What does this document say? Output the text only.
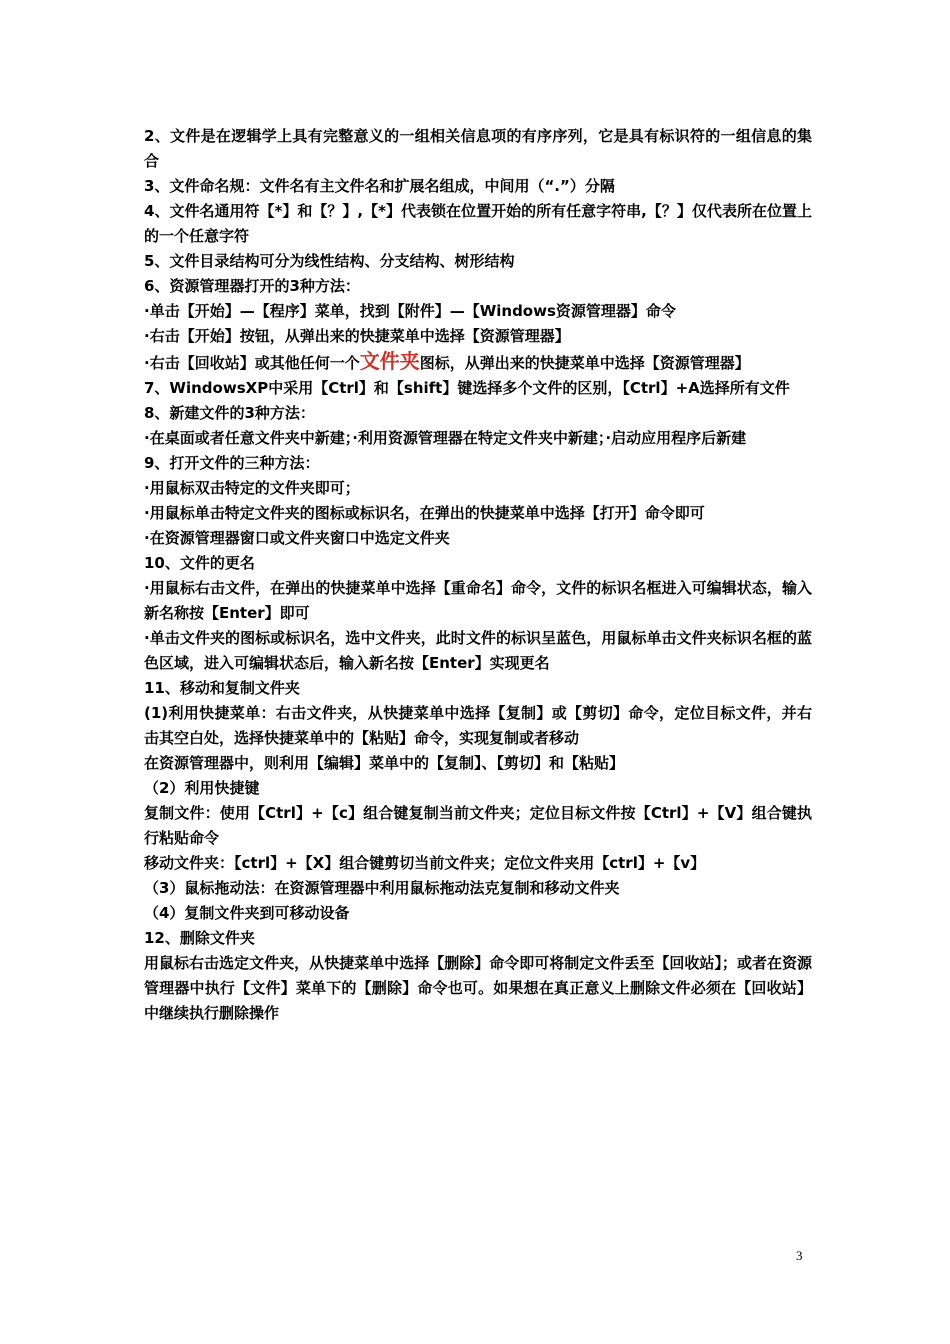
2、文件是在逻辑学上具有完整意义的一组相关信息项的有序序列，它是具有标识符的一组信息的集合

3、文件命名规：文件名有主文件名和扩展名组成，中间用（“.”）分隔

4、文件名通用符【*】和【？】,【*】代表锁在位置开始的所有任意字符串,【？】仅代表所在位置上的一个任意字符

5、文件目录结构可分为线性结构、分支结构、树形结构

6、资源管理器打开的3种方法：

·单击【开始】—【程序】菜单，找到【附件】—【Windows资源管理器】命令

·右击【开始】按钮，从弹出来的快捷菜单中选择【资源管理器】

·右击【回收站】或其他任何一个文件夹图标，从弹出来的快捷菜单中选择【资源管理器】

7、WindowsXP中采用【Ctrl】和【shift】键选择多个文件的区别，【Ctrl】+A选择所有文件

8、新建文件的3种方法：

·在桌面或者任意文件夹中新建；·利用资源管理器在特定文件夹中新建；·启动应用程序后新建

9、打开文件的三种方法：

·用鼠标双击特定的文件夹即可；

·用鼠标单击特定文件夹的图标或标识名，在弹出的快捷菜单中选择【打开】命令即可

·在资源管理器窗口或文件夹窗口中选定文件夹

10、文件的更名

·用鼠标右击文件，在弹出的快捷菜单中选择【重命名】命令，文件的标识名框进入可编辑状态，输入新名称按【Enter】即可

·单击文件夹的图标或标识名，选中文件夹，此时文件的标识呈蓝色，用鼠标单击文件夹标识名框的蓝色区域，进入可编辑状态后，输入新名按【Enter】实现更名

11、移动和复制文件夹

(1)利用快捷菜单：右击文件夹，从快捷菜单中选择【复制】或【剪切】命令，定位目标文件，并右击其空白处，选择快捷菜单中的【粘贴】命令，实现复制或者移动

在资源管理器中，则利用【编辑】菜单中的【复制】、【剪切】和【粘贴】

（2）利用快捷键

复制文件：使用【Ctrl】+【c】组合键复制当前文件夹；定位目标文件按【Ctrl】+【V】组合键执行粘贴命令

移动文件夹：【ctrl】+【X】组合键剪切当前文件夹；定位文件夹用【ctrl】+【v】

（3）鼠标拖动法：在资源管理器中利用鼠标拖动法克复制和移动文件夹

（4）复制文件夹到可移动设备

12、删除文件夹

用鼠标右击选定文件夹，从快捷菜单中选择【删除】命令即可将制定文件丢至【回收站】；或者在资源管理器中执行【文件】菜单下的【删除】命令也可。如果想在真正意义上删除文件必须在【回收站】中继续执行删除操作

3
